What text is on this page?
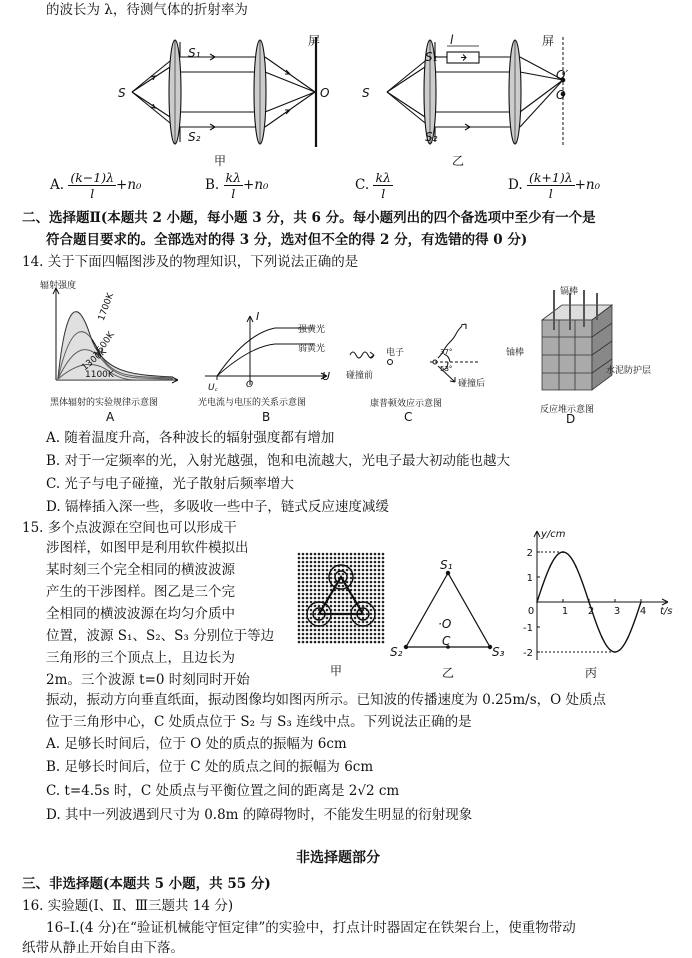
的波长为 λ，待测气体的折射率为
屏	屏
S	S
S₁
S₂
S₁
S₂
O	O
O′
l
甲	乙
A. $\frac{(k-1)\lambda}{l} +n_0$	B. $\frac{k\lambda}{l} +n_0$	C. $\frac{k\lambda}{l}$	D. $\frac{(k+1)\lambda}{l} +n_0$
二、选择题Ⅱ(本题共 2 小题，每小题 3 分，共 6 分。每小题列出的四个备选项中至少有一个是
符合题目要求的。全部选对的得 3 分，选对但不全的得 2 分，有选错的得 0 分)
14. 关于下面四幅图涉及的物理知识，下列说法正确的是
辐射强度
1700K
1500K
1300K
1100K
黑体辐射的实验规律示意图
A
I
强黄光
弱黄光
U꜀	O
U
光电流与电压的关系示意图
B
电子
碰撞前
37°
53°
碰撞后
康普顿效应示意图
C
镉棒
铀棒
水泥防护层
反应堆示意图
D
A. 随着温度升高，各种波长的辐射强度都有增加
B. 对于一定频率的光，入射光越强，饱和电流越大，光电子最大初动能也越大
C. 光子与电子碰撞，光子散射后频率增大
D. 镉棒插入深一些，多吸收一些中子，链式反应速度减缓
15. 多个点波源在空间也可以形成干
涉图样，如图甲是利用软件模拟出
某时刻三个完全相同的横波波源
产生的干涉图样。图乙是三个完
全相同的横波波源在均匀介质中
位置，波源 S₁、S₂、S₃ 分别位于等边
三角形的三个顶点上，且边长为
2m。三个波源 t=0 时刻同时开始
甲
S₁
S₂	S₃
·O
C
乙
2
1
-1
-2
0	1 2 3 4
y/cm
t/s
丙
振动，振动方向垂直纸面，振动图像均如图丙所示。已知波的传播速度为 0.25m/s，O 处质点
位于三角形中心，C 处质点位于 S₂ 与 S₃ 连线中点。下列说法正确的是
A. 足够长时间后，位于 O 处的质点的振幅为 6cm
B. 足够长时间后，位于 C 处的质点之间的振幅为 6cm
C. t=4.5s 时，C 处质点与平衡位置之间的距离是 2√2 cm
D. 其中一列波遇到尺寸为 0.8m 的障碍物时，不能发生明显的衍射现象
非选择题部分
三、非选择题(本题共 5 小题，共 55 分)
16. 实验题(Ⅰ、Ⅱ、Ⅲ三题共 14 分)
16–Ⅰ.(4 分)在“验证机械能守恒定律”的实验中，打点计时器固定在铁架台上，使重物带动
纸带从静止开始自由下落。
